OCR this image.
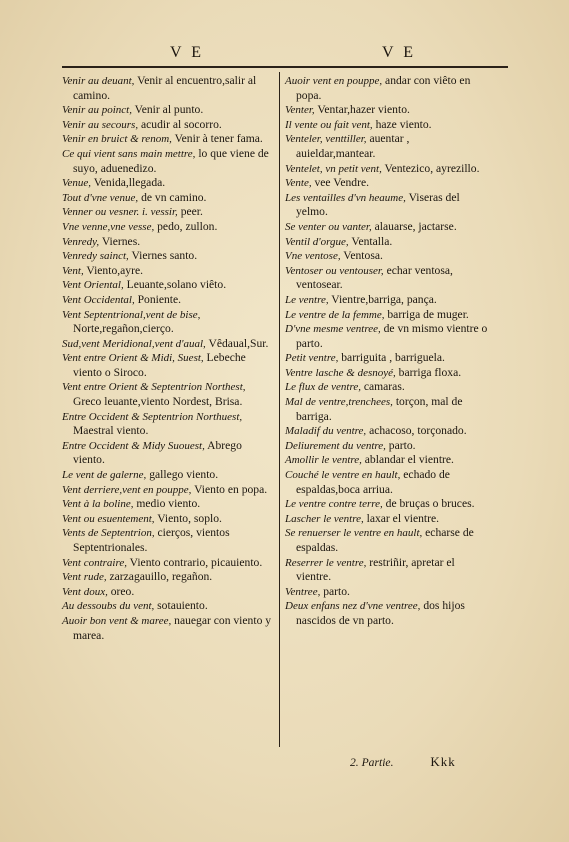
V E	V E

Venir au deuant, Venir al encuentro,salir al camino.

Venir au poinct, Venir al punto.

Venir au secours, acudir al socorro.

Venir en bruict & renom, Venir à tener fama.

Ce qui vient sans main mettre, lo que viene de suyo, aduenedizo.

Venue, Venida,llegada.

Tout d'vne venue, de vn camino.

Venner ou vesner. i. vessir, peer.

Vne venne,vne vesse, pedo, zullon.

Venredy, Viernes.

Venredy sainct, Viernes santo.

Vent, Viento,ayre.

Vent Oriental, Leuante,solano viêto.

Vent Occidental, Poniente.

Vent Septentrional,vent de bise, Norte,regañon,cierço.

Sud,vent Meridional,vent d'aual, Vêdaual,Sur.

Vent entre Orient & Midi, Suest, Lebeche viento o Siroco.

Vent entre Orient & Septentrion Northest, Greco leuante,viento Nordest, Brisa.

Entre Occident & Septentrion Northuest, Maestral viento.

Entre Occident & Midy Suouest, Abrego viento.

Le vent de galerne, gallego viento.

Vent derriere,vent en pouppe, Viento en popa.

Vent à la boline, medio viento.

Vent ou esuentement, Viento, soplo.

Vents de Septentrion, cierços, vientos Septentrionales.

Vent contraire, Viento contrario, picauiento.

Vent rude, zarzagauillo, regañon.

Vent doux, oreo.

Au dessoubs du vent, sotauiento.

Auoir bon vent & maree, nauegar con viento y marea.

Auoir vent en pouppe, andar con viêto en popa.

Venter, Ventar,hazer viento.

Il vente ou fait vent, haze viento.

Venteler, venttiller, auentar , auieldar,mantear.

Ventelet, vn petit vent, Ventezico, ayrezillo.

Vente, vee Vendre.

Les ventailles d'vn heaume, Viseras del yelmo.

Se venter ou vanter, alauarse, jactarse.

Ventil d'orgue, Ventalla.

Vne ventose, Ventosa.

Ventoser ou ventouser, echar ventosa, ventosear.

Le ventre, Vientre,barriga, pança.

Le ventre de la femme, barriga de muger.

D'vne mesme ventree, de vn mismo vientre o parto.

Petit ventre, barriguita , barriguela.

Ventre lasche & desnoyé, barriga floxa.

Le flux de ventre, camaras.

Mal de ventre,trenchees, torçon, mal de barriga.

Maladif du ventre, achacoso, torçonado.

Deliurement du ventre, parto.

Amollir le ventre, ablandar el vientre.

Couché le ventre en hault, echado de espaldas,boca arriua.

Le ventre contre terre, de bruças o bruces.

Lascher le ventre, laxar el vientre.

Se renuerser le ventre en hault, echarse de espaldas.

Reserrer le ventre, restriñir, apretar el vientre.

Ventree, parto.

Deux enfans nez d'vne ventree, dos hijos nascidos de vn parto.

2. Partie.	Kkk
